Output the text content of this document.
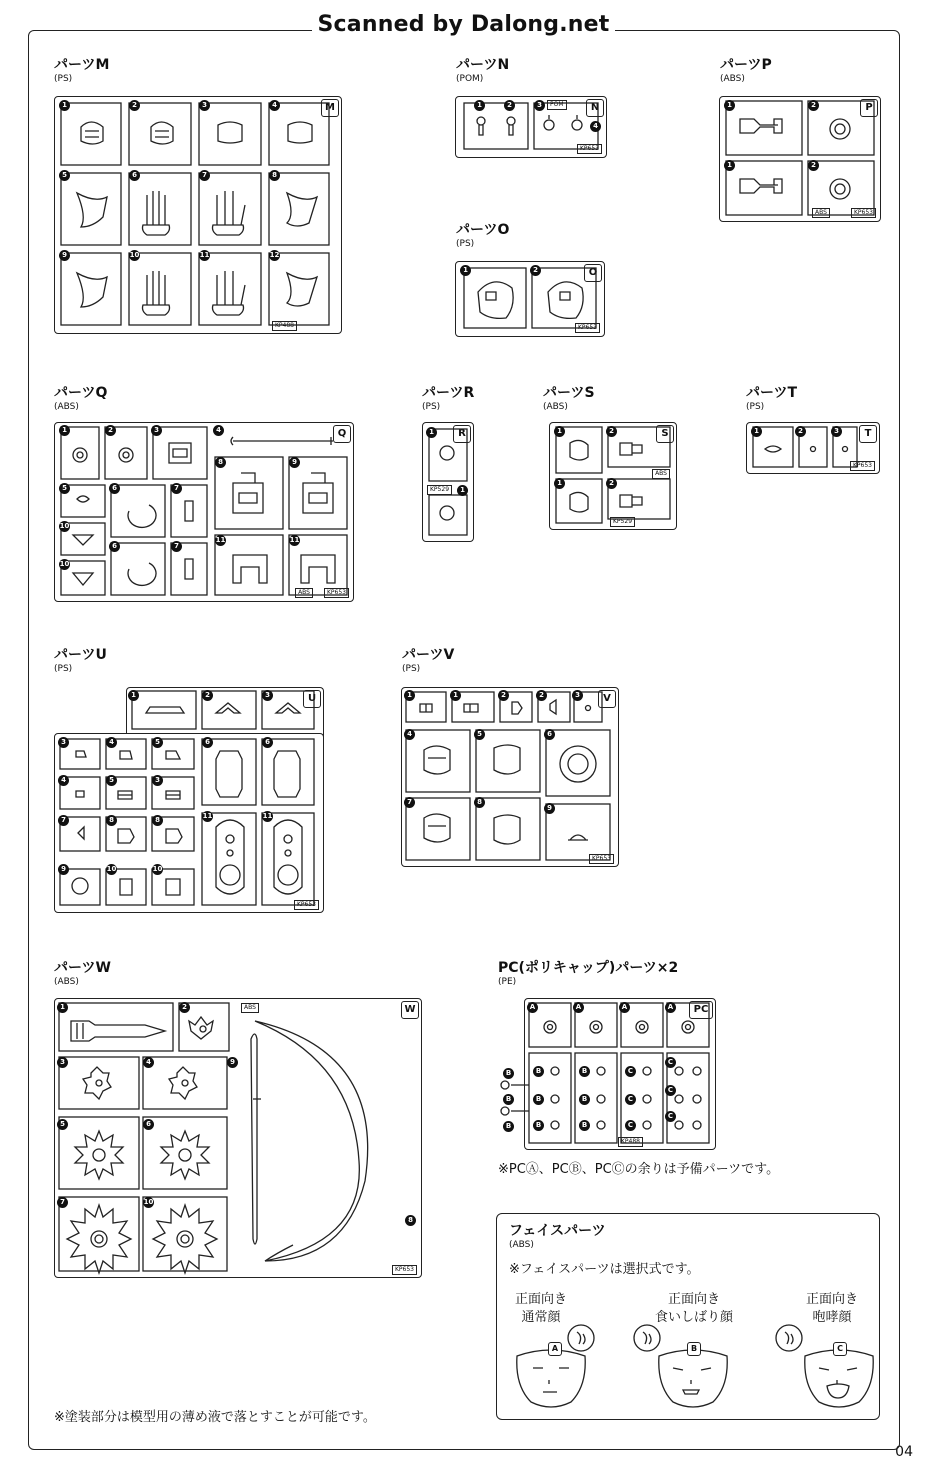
Scanned by Dalong.net
04
パーツM
(PS)
M
KP488
1	2	3	4
5	6	7	8
9	10	11	12
パーツN
(POM)
N
POM
KP653
1	2	3
4
パーツO
(PS)
O
KP653
1	2
パーツP
(ABS)
P
ABS	KP653
1	2
1	2
パーツQ
(ABS)
Q
ABS	KP653
1	2	3	4
5	6	7
8	9
10
6	7
10
11	11
パーツR
(PS)
R
KP529
1
1
パーツS
(ABS)
S
ABS
KP529
1	2
1	2
パーツT
(PS)
T
KP653
1	2	3
パーツU
(PS)
U
KP653
1	2	3
3
4
4
5	3
5	6	6
7	8	8
9	10	10
11	11
パーツV
(PS)
V
KP653
1	1	2	2	3
4	5	6
7	8
9
パーツW
(ABS)
W
ABS
KP653
1	2
3	4	9
5	6
7	10
8
PC(ポリキャップ)パーツ×2
(PE)
PC
KP488
A	A	A	A
B
B
B
B	B	C
C
B	B	C
C
B	B	C
C
※PCⒶ、PCⒷ、PCⒸの余りは予備パーツです。
フェイスパーツ
(ABS)
※フェイスパーツは選択式です。
正面向き
通常顔
正面向き
食いしばり顔
正面向き
咆哮顔
A	B	C
※塗装部分は模型用の薄め液で落とすことが可能です。
